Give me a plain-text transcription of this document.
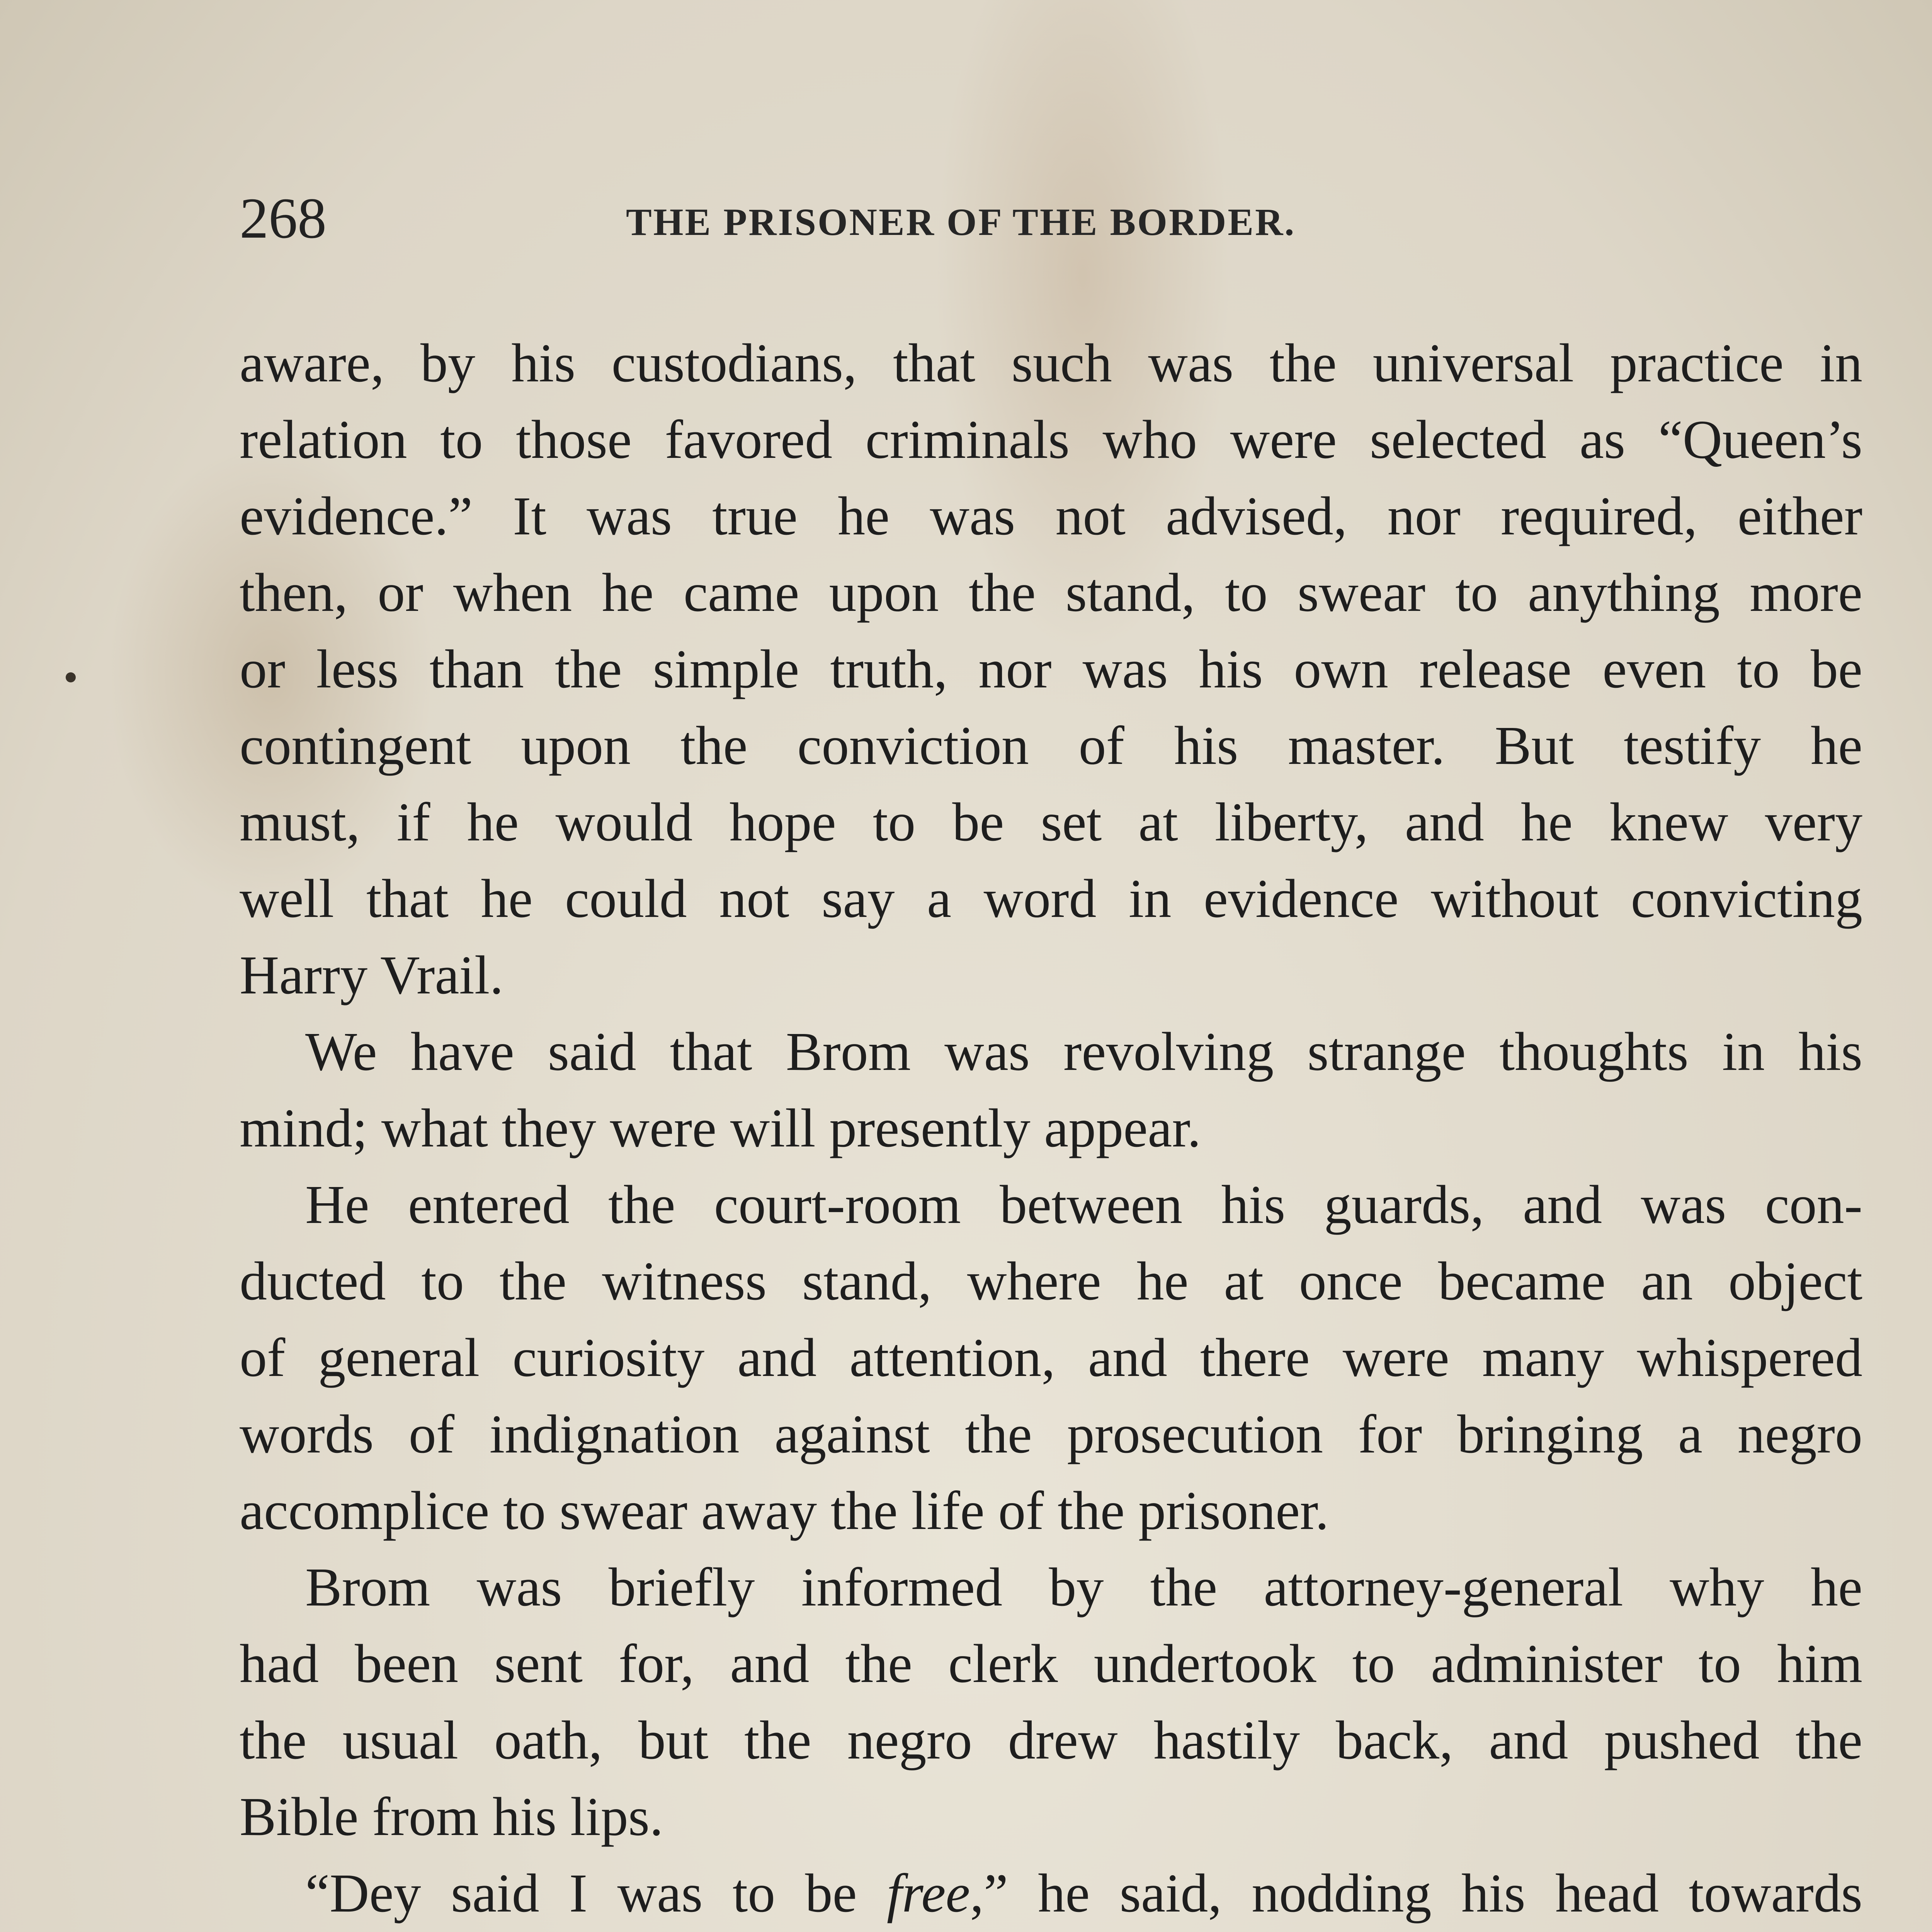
268	THE PRISONER OF THE BORDER.
aware, by his custodians, that such was the universal practice in
relation to those favored criminals who were selected as “Queen’s
evidence.” It was true he was not advised, nor required, either
then, or when he came upon the stand, to swear to anything more
or less than the simple truth, nor was his own release even to be
contingent upon the conviction of his master. But testify he
must, if he would hope to be set at liberty, and he knew very
well that he could not say a word in evidence without convicting
Harry Vrail.
We have said that Brom was revolving strange thoughts in his
mind; what they were will presently appear.
He entered the court-room between his guards, and was con-
ducted to the witness stand, where he at once became an object
of general curiosity and attention, and there were many whispered
words of indignation against the prosecution for bringing a negro
accomplice to swear away the life of the prisoner.
Brom was briefly informed by the attorney-general why he
had been sent for, and the clerk undertook to administer to him
the usual oath, but the negro drew hastily back, and pushed the
Bible from his lips.
“Dey said I was to be free,” he said, nodding his head towards
